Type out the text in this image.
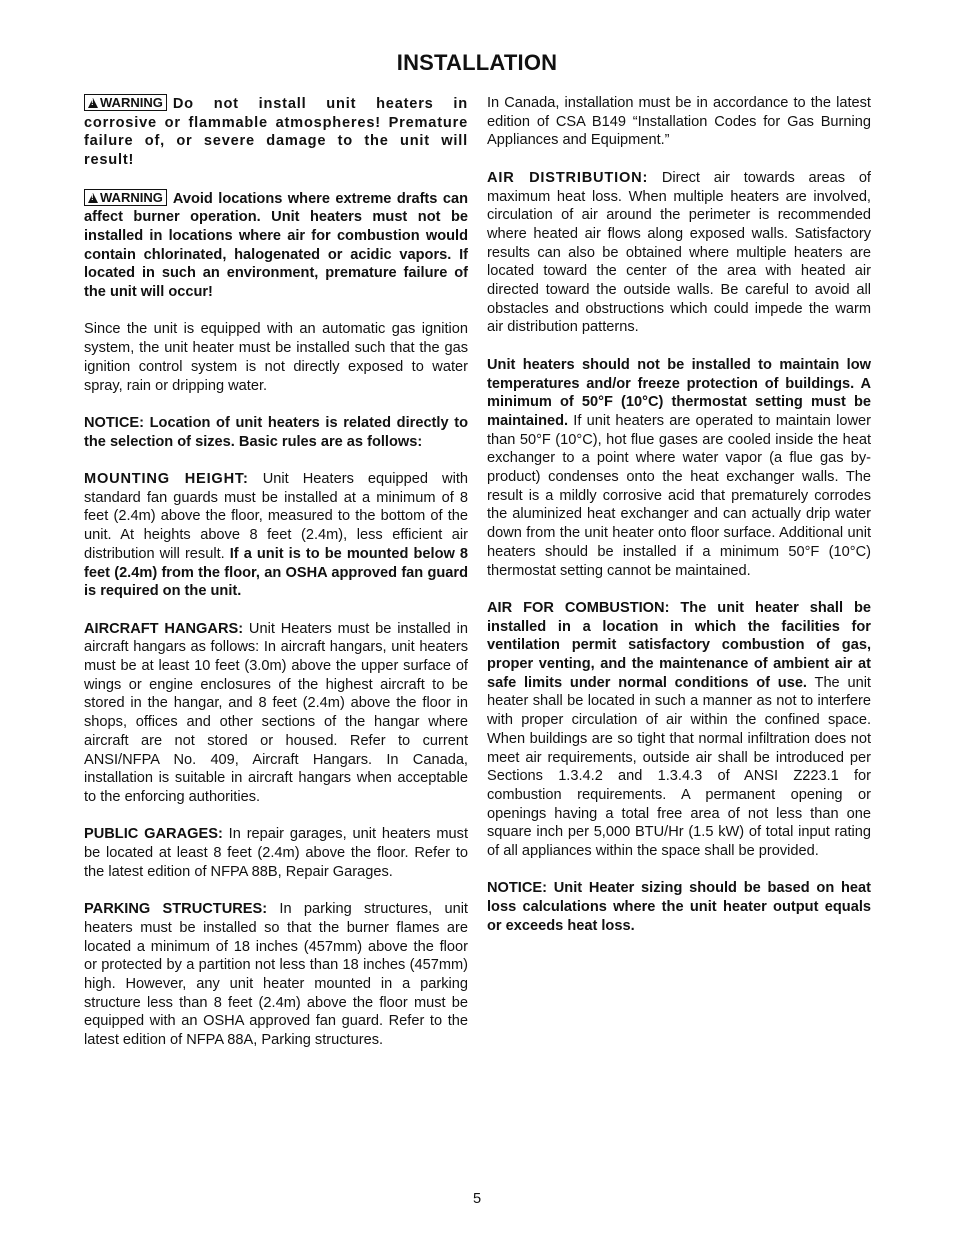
INSTALLATION

!WARNING Do not install unit heaters in corrosive or flammable atmospheres! Premature failure of, or severe damage to the unit will result!

!WARNING Avoid locations where extreme drafts can affect burner operation. Unit heaters must not be installed in locations where air for combustion would contain chlorinated, halogenated or acidic vapors. If located in such an environment, premature failure of the unit will occur!

Since the unit is equipped with an automatic gas ignition system, the unit heater must be installed such that the gas ignition control system is not directly exposed to water spray, rain or dripping water.

NOTICE: Location of unit heaters is related directly to the selection of sizes. Basic rules are as follows:

MOUNTING HEIGHT: Unit Heaters equipped with standard fan guards must be installed at a minimum of 8 feet (2.4m) above the floor, measured to the bottom of the unit. At heights above 8 feet (2.4m), less efficient air distribution will result. If a unit is to be mounted below 8 feet (2.4m) from the floor, an OSHA approved fan guard is required on the unit.

AIRCRAFT HANGARS: Unit Heaters must be installed in aircraft hangars as follows: In aircraft hangars, unit heaters must be at least 10 feet (3.0m) above the upper surface of wings or engine enclosures of the highest aircraft to be stored in the hangar, and 8 feet (2.4m) above the floor in shops, offices and other sections of the hangar where aircraft are not stored or housed. Refer to current ANSI/NFPA No. 409, Aircraft Hangars. In Canada, installation is suitable in aircraft hangars when acceptable to the enforcing authorities.

PUBLIC GARAGES: In repair garages, unit heaters must be located at least 8 feet (2.4m) above the floor. Refer to the latest edition of NFPA 88B, Repair Garages.

PARKING STRUCTURES: In parking structures, unit heaters must be installed so that the burner flames are located a minimum of 18 inches (457mm) above the floor or protected by a partition not less than 18 inches (457mm) high. However, any unit heater mounted in a parking structure less than 8 feet (2.4m) above the floor must be equipped with an OSHA approved fan guard. Refer to the latest edition of NFPA 88A, Parking structures.

In Canada, installation must be in accordance to the latest edition of CSA B149 “Installation Codes for Gas Burning Appliances and Equipment.”

AIR DISTRIBUTION: Direct air towards areas of maximum heat loss. When multiple heaters are involved, circulation of air around the perimeter is recommended where heated air flows along exposed walls. Satisfactory results can also be obtained where multiple heaters are located toward the center of the area with heated air directed toward the outside walls. Be careful to avoid all obstacles and obstructions which could impede the warm air distribution patterns.

Unit heaters should not be installed to maintain low temperatures and/or freeze protection of buildings. A minimum of 50°F (10°C) thermostat setting must be maintained. If unit heaters are operated to maintain lower than 50°F (10°C), hot flue gases are cooled inside the heat exchanger to a point where water vapor (a flue gas by-product) condenses onto the heat exchanger walls. The result is a mildly corrosive acid that prematurely corrodes the aluminized heat exchanger and can actually drip water down from the unit heater onto floor surface. Additional unit heaters should be installed if a minimum 50°F (10°C) thermostat setting cannot be maintained.

AIR FOR COMBUSTION: The unit heater shall be installed in a location in which the facilities for ventilation permit satisfactory combustion of gas, proper venting, and the maintenance of ambient air at safe limits under normal conditions of use. The unit heater shall be located in such a manner as not to interfere with proper circulation of air within the confined space. When buildings are so tight that normal infiltration does not meet air requirements, outside air shall be introduced per Sections 1.3.4.2 and 1.3.4.3 of ANSI Z223.1 for combustion requirements. A permanent opening or openings having a total free area of not less than one square inch per 5,000 BTU/Hr (1.5 kW) of total input rating of all appliances within the space shall be provided.

NOTICE: Unit Heater sizing should be based on heat loss calculations where the unit heater output equals or exceeds heat loss.

5
